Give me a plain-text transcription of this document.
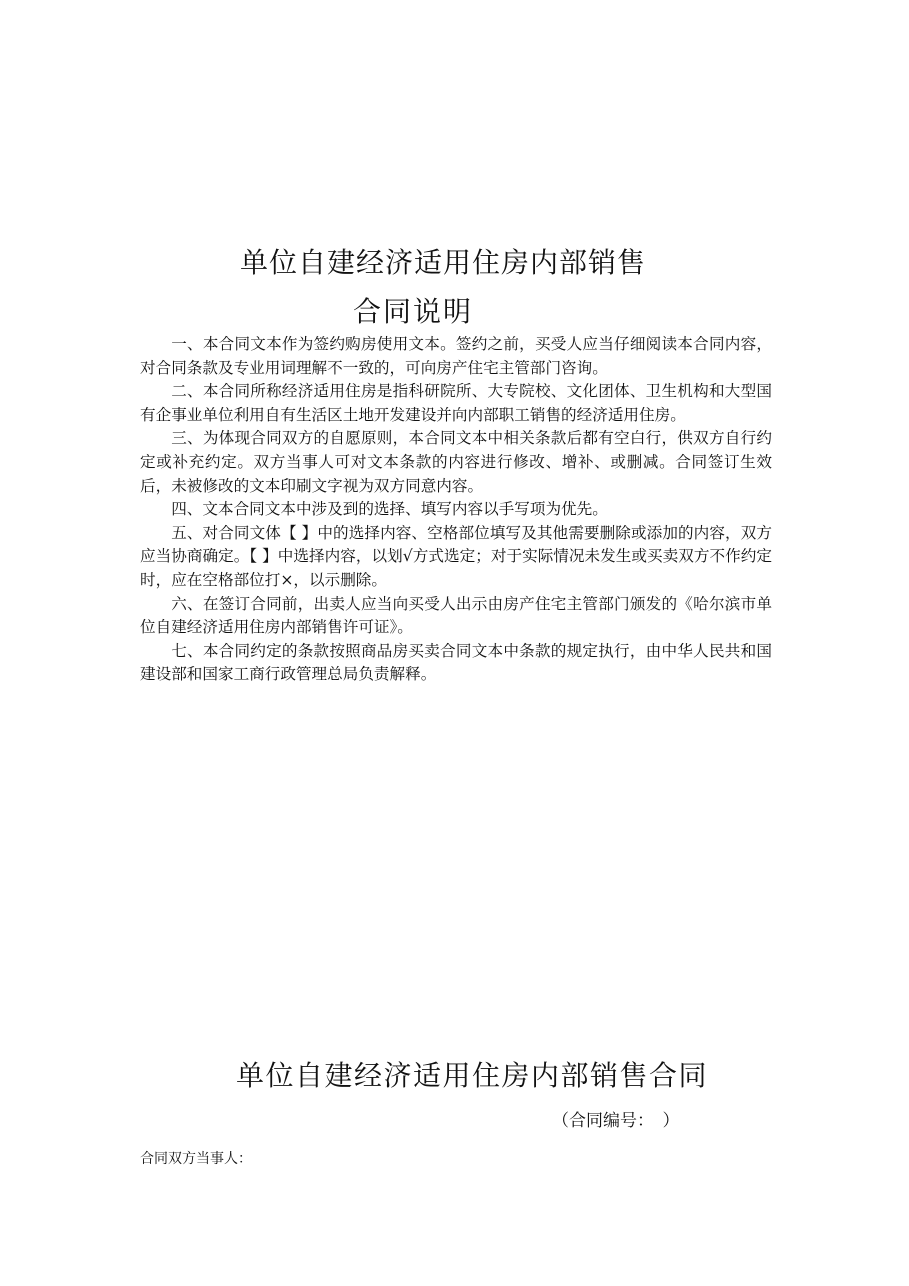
单位自建经济适用住房内部销售
合同说明

一、本合同文本作为签约购房使用文本。签约之前，买受人应当仔细阅读本合同内容，对合同条款及专业用词理解不一致的，可向房产住宅主管部门咨询。

二、本合同所称经济适用住房是指科研院所、大专院校、文化团体、卫生机构和大型国有企事业单位利用自有生活区土地开发建设并向内部职工销售的经济适用住房。

三、为体现合同双方的自愿原则，本合同文本中相关条款后都有空白行，供双方自行约定或补充约定。双方当事人可对文本条款的内容进行修改、增补、或删减。合同签订生效后，未被修改的文本印刷文字视为双方同意内容。

四、文本合同文本中涉及到的选择、填写内容以手写项为优先。

五、对合同文体【 】中的选择内容、空格部位填写及其他需要删除或添加的内容，双方应当协商确定。【 】中选择内容，以划√方式选定；对于实际情况未发生或买卖双方不作约定时，应在空格部位打×，以示删除。

六、在签订合同前，出卖人应当向买受人出示由房产住宅主管部门颁发的《哈尔滨市单位自建经济适用住房内部销售许可证》。

七、本合同约定的条款按照商品房买卖合同文本中条款的规定执行，由中华人民共和国建设部和国家工商行政管理总局负责解释。

单位自建经济适用住房内部销售合同
（合同编号：　）
合同双方当事人：
